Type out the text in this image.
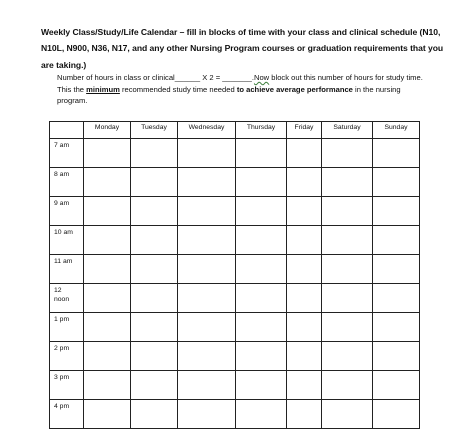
Weekly Class/Study/Life Calendar – fill in blocks of time with your class and clinical schedule (N10,
N10L, N900, N36, N17, and any other Nursing Program courses or graduation requirements that you
are taking.)
Number of hours in class or clinical______ X 2 = _______.Now block out this number of hours for study time.
This the minimum recommended study time needed to achieve average performance in the nursing
program.
	Monday	Tuesday	Wednesday	Thursday	Friday	Saturday	Sunday

7 am							

8 am							

9 am							

10 am							

11 am							

12
noon							

1 pm							

2 pm							

3 pm							

4 pm							
